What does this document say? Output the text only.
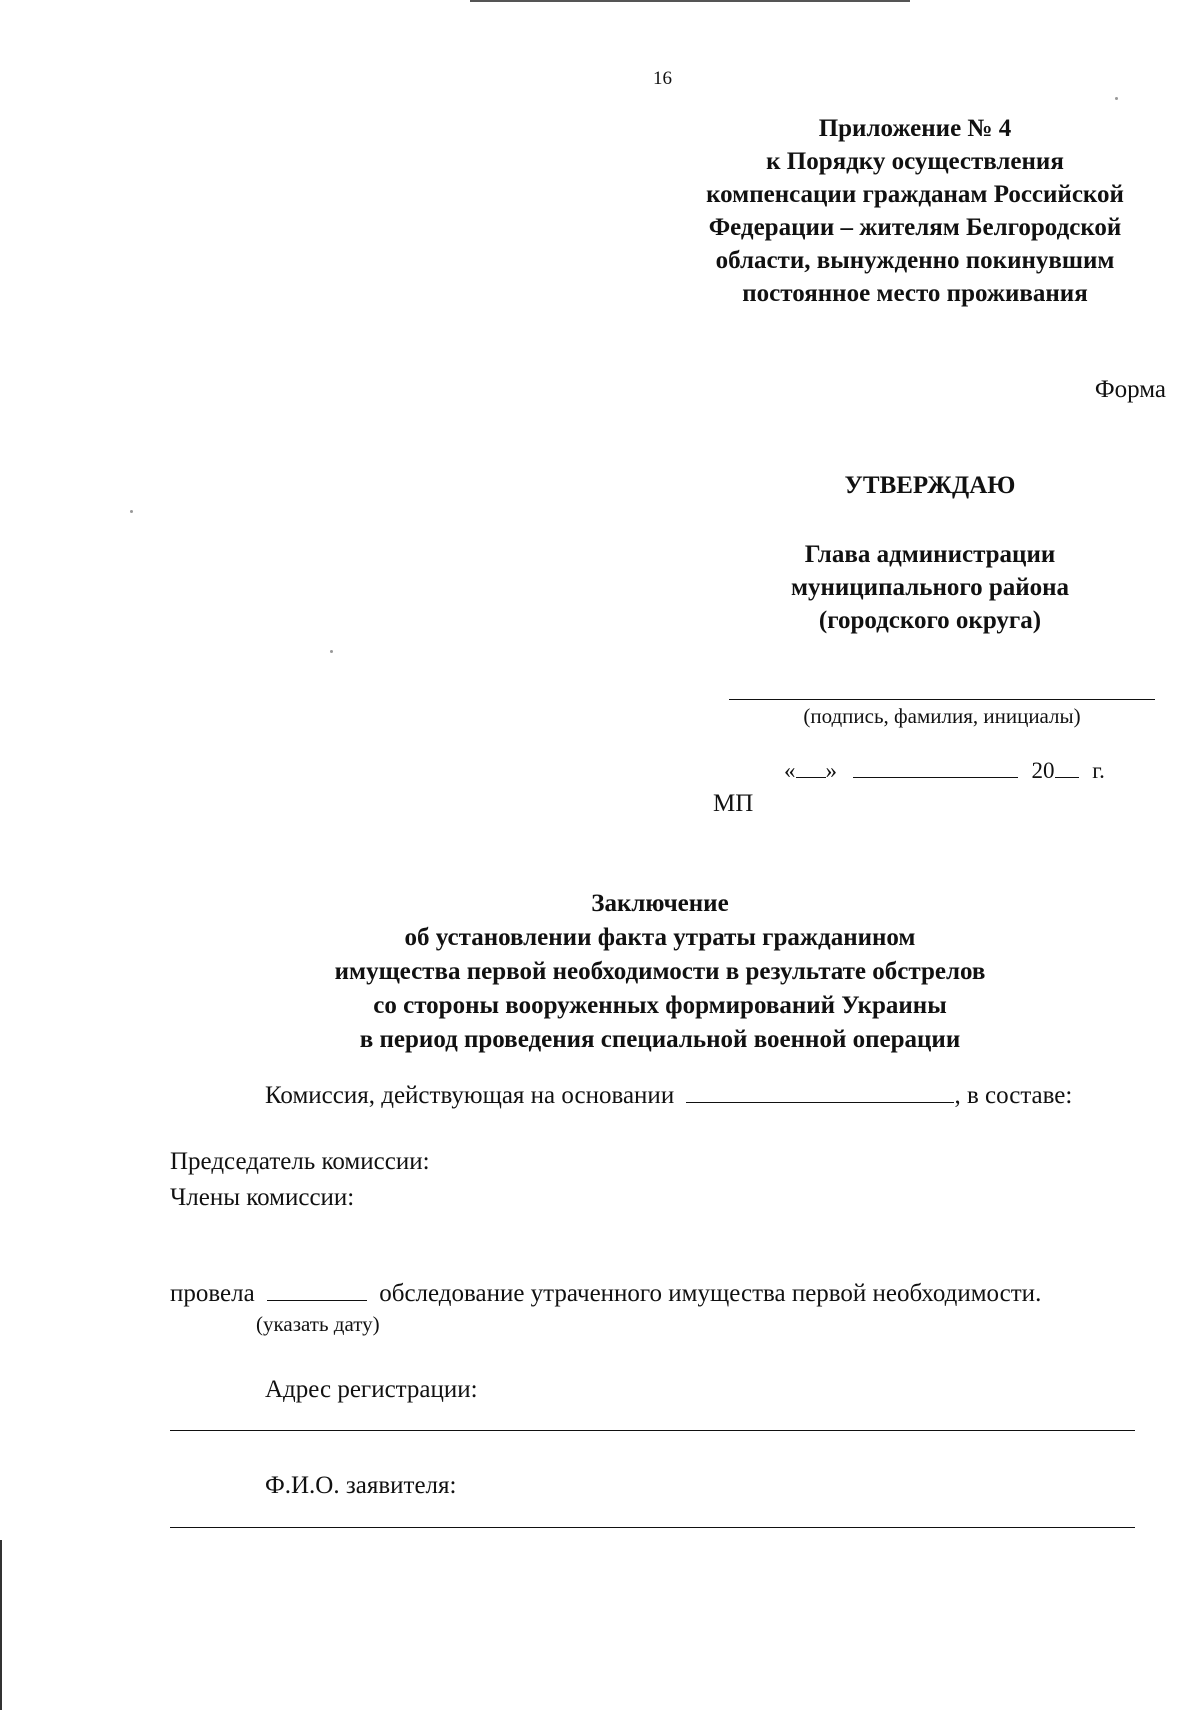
16
Приложение № 4
к Порядку осуществления
компенсации гражданам Российской
Федерации – жителям Белгородской
области, вынужденно покинувшим
постоянное место проживания
Форма
УТВЕРЖДАЮ
Глава администрации
муниципального района
(городского округа)
(подпись, фамилия, инициалы)
« »	20 г.
МП
Заключение
об установлении факта утраты гражданином
имущества первой необходимости в результате обстрелов
со стороны вооруженных формирований Украины
в период проведения специальной военной операции
Комиссия, действующая на основании	, в составе:
Председатель комиссии:
Члены комиссии:
провела	обследование утраченного имущества первой необходимости.
(указать дату)
Адрес регистрации:
Ф.И.О. заявителя:
